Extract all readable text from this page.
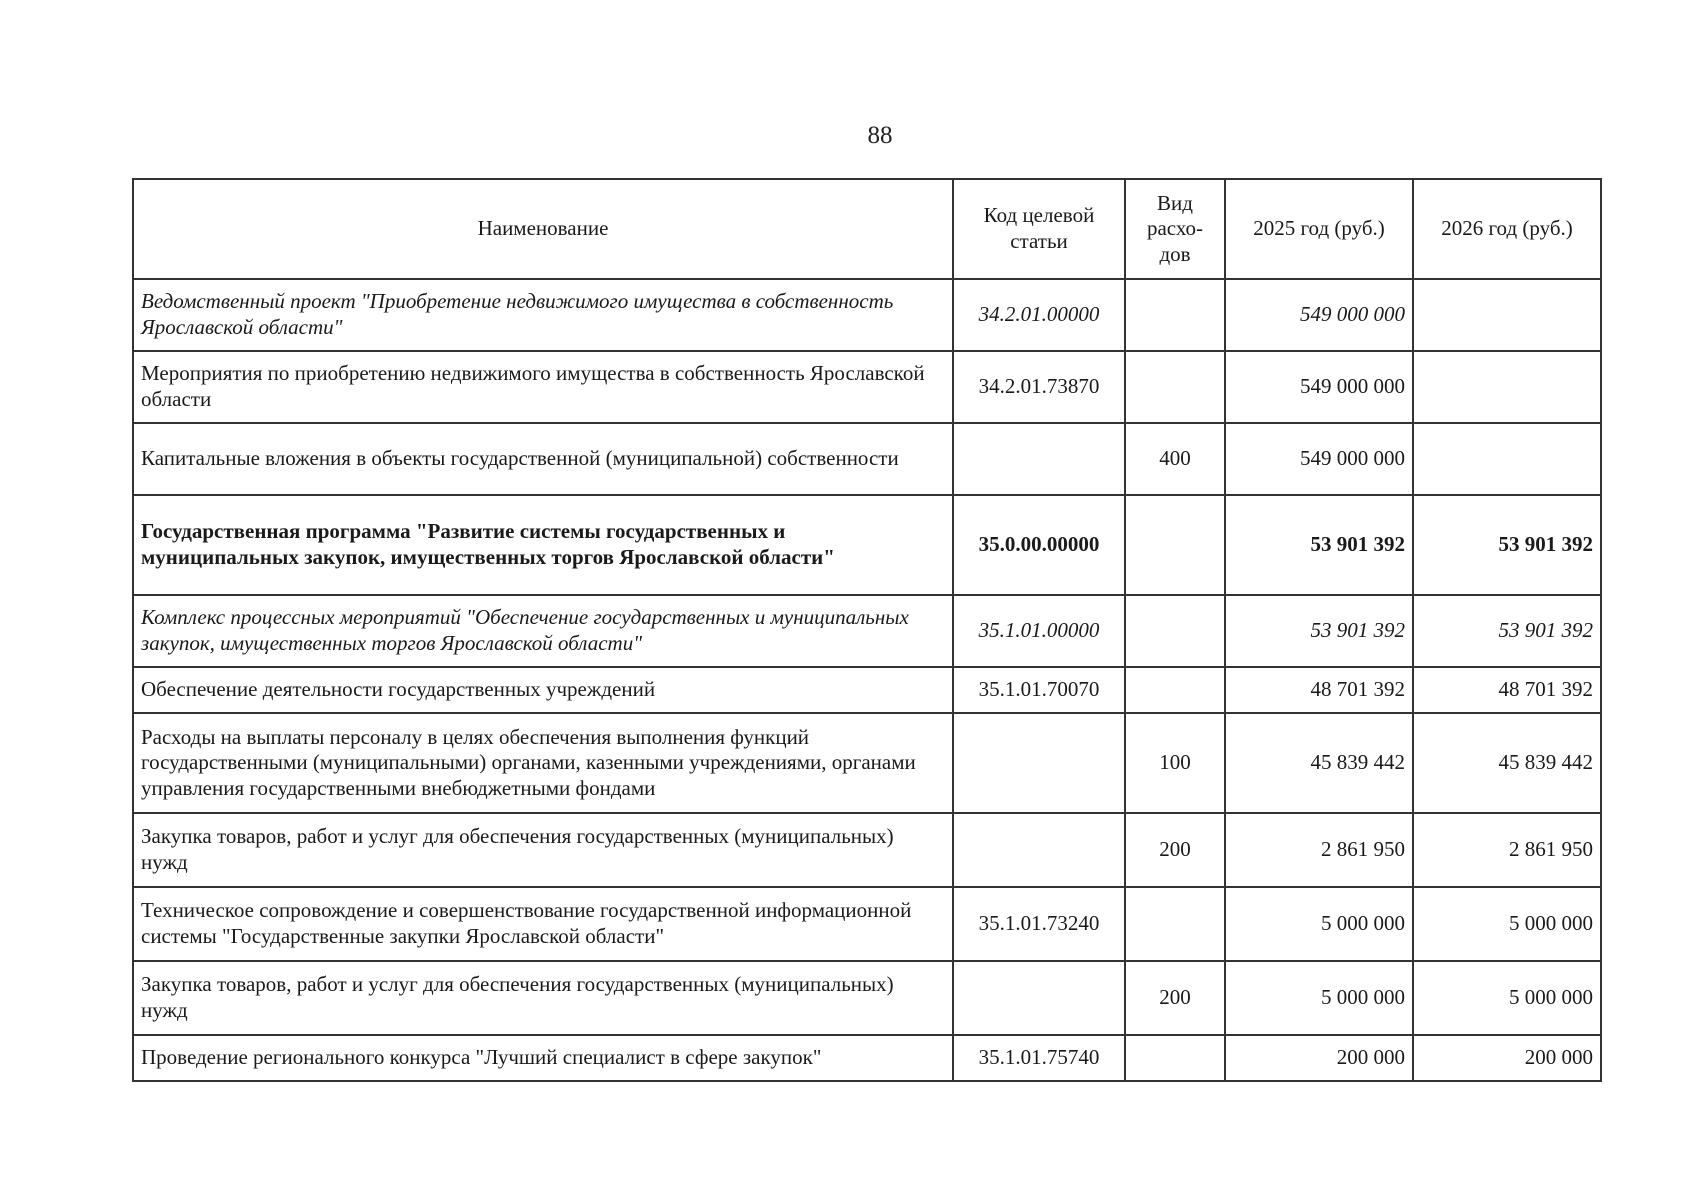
88
Наименование	Код целевой статьи	Вид расхо-дов	2025 год (руб.)	2026 год (руб.)
Ведомственный проект "Приобретение недвижимого имущества в собственность Ярославской области"	34.2.01.00000		549 000 000	
Мероприятия по приобретению недвижимого имущества в собственность Ярославской области	34.2.01.73870		549 000 000	
Капитальные вложения в объекты государственной (муниципальной) собственности		400	549 000 000	
Государственная программа "Развитие системы государственных и муниципальных закупок, имущественных торгов Ярославской области"	35.0.00.00000		53 901 392	53 901 392
Комплекс процессных мероприятий "Обеспечение государственных и муниципальных закупок, имущественных торгов Ярославской области"	35.1.01.00000		53 901 392	53 901 392
Обеспечение деятельности государственных учреждений	35.1.01.70070		48 701 392	48 701 392
Расходы на выплаты персоналу в целях обеспечения выполнения функций государственными (муниципальными) органами, казенными учреждениями, органами управления государственными внебюджетными фондами		100	45 839 442	45 839 442
Закупка товаров, работ и услуг для обеспечения государственных (муниципальных) нужд		200	2 861 950	2 861 950
Техническое сопровождение и совершенствование государственной информационной системы "Государственные закупки Ярославской области"	35.1.01.73240		5 000 000	5 000 000
Закупка товаров, работ и услуг для обеспечения государственных (муниципальных) нужд		200	5 000 000	5 000 000
Проведение регионального конкурса "Лучший специалист в сфере закупок"	35.1.01.75740		200 000	200 000
